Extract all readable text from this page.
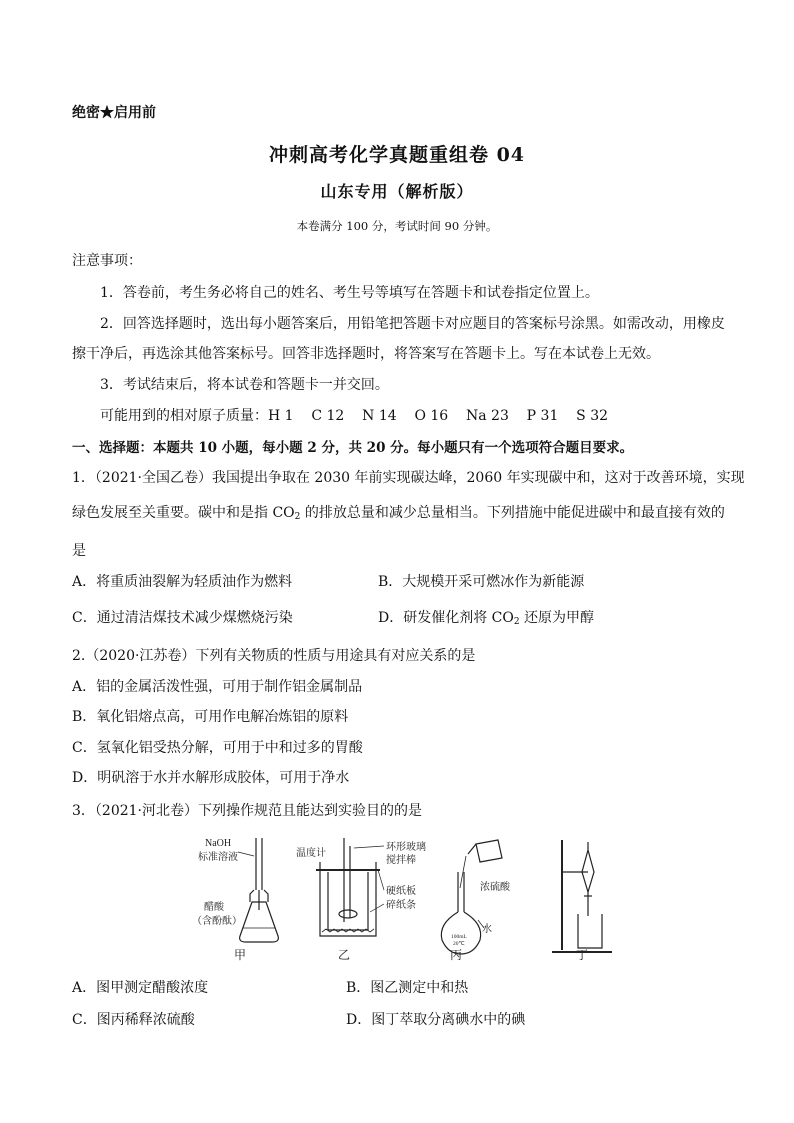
绝密★启用前
冲刺高考化学真题重组卷 04
山东专用（解析版）
本卷满分 100 分，考试时间 90 分钟。
注意事项：
1．答卷前，考生务必将自己的姓名、考生号等填写在答题卡和试卷指定位置上。
2．回答选择题时，选出每小题答案后，用铅笔把答题卡对应题目的答案标号涂黑。如需改动，用橡皮
擦干净后，再选涂其他答案标号。回答非选择题时，将答案写在答题卡上。写在本试卷上无效。
3．考试结束后，将本试卷和答题卡一并交回。
可能用到的相对原子质量：H 1    C 12    N 14    O 16    Na 23    P 31    S 32
一、选择题：本题共 10 小题，每小题 2 分，共 20 分。每小题只有一个选项符合题目要求。
1．（2021·全国乙卷）我国提出争取在 2030 年前实现碳达峰，2060 年实现碳中和，这对于改善环境，实现
绿色发展至关重要。碳中和是指 $CO_2$ 的排放总量和减少总量相当。下列措施中能促进碳中和最直接有效的
是
A．将重质油裂解为轻质油作为燃料	B．大规模开采可燃冰作为新能源
C．通过清洁煤技术减少煤燃烧污染	D．研发催化剂将 $CO_2$ 还原为甲醇
2.（2020·江苏卷）下列有关物质的性质与用途具有对应关系的是
A．铝的金属活泼性强，可用于制作铝金属制品
B．氧化铝熔点高，可用作电解冶炼铝的原料
C．氢氧化铝受热分解，可用于中和过多的胃酸
D．明矾溶于水并水解形成胶体，可用于净水
3．（2021·河北卷）下列操作规范且能达到实验目的的是
NaOH
标准溶液
醋酸
（含酚酞）
温度计
环形玻璃
搅拌棒
硬纸板
碎纸条
100mL
20℃
浓硫酸
水
甲	乙	丙	丁
A．图甲测定醋酸浓度	B．图乙测定中和热
C．图丙稀释浓硫酸	D．图丁萃取分离碘水中的碘
